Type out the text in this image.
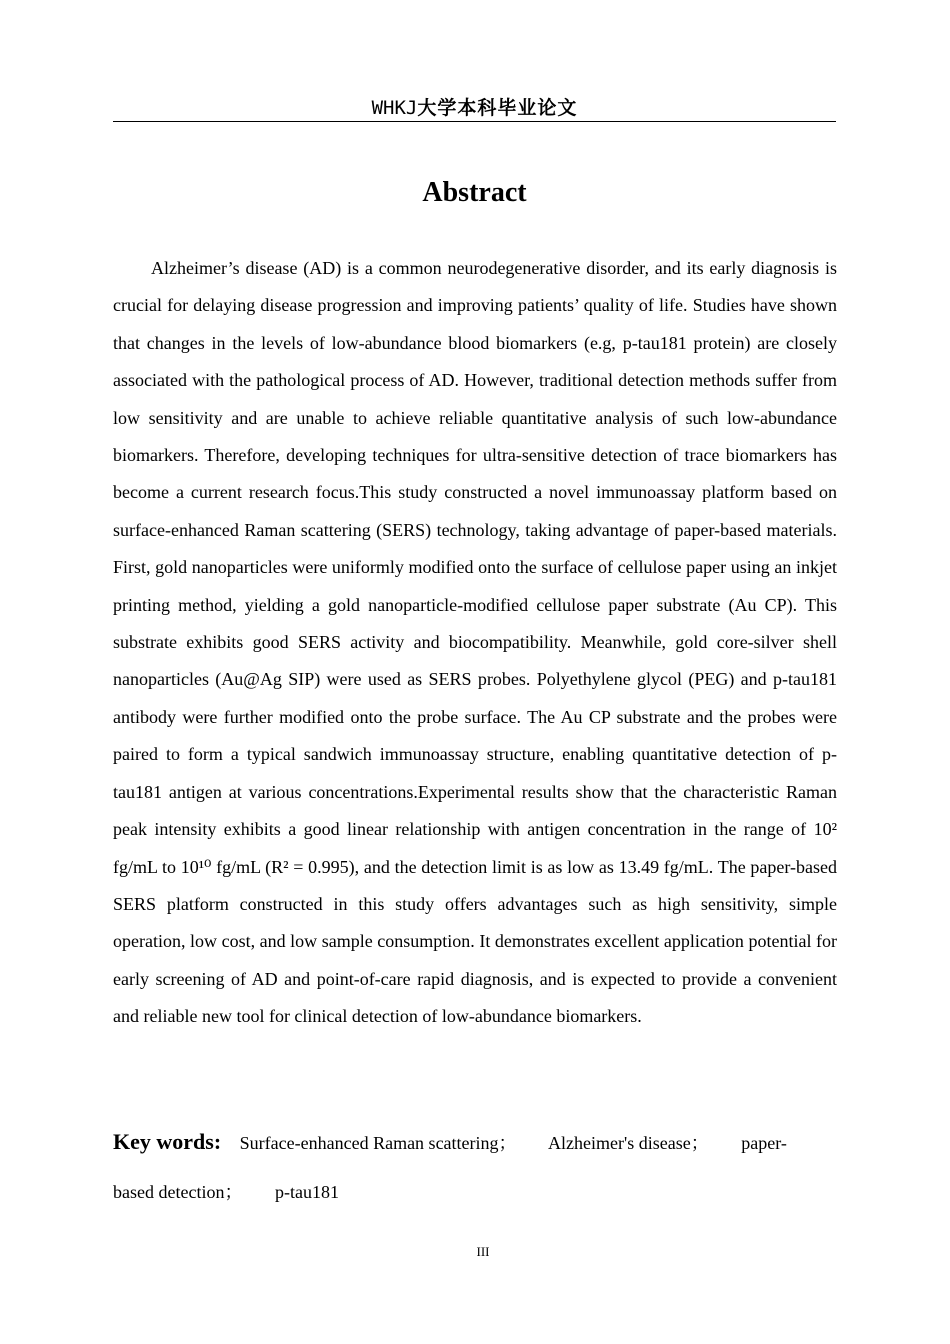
WHKJ大学本科毕业论文
Abstract

Alzheimer’s disease (AD) is a common neurodegenerative disorder, and its early diagnosis is crucial for delaying disease progression and improving patients’ quality of life. Studies have shown that changes in the levels of low-abundance blood biomarkers (e.g, p-tau181 protein) are closely associated with the pathological process of AD. However, traditional detection methods suffer from low sensitivity and are unable to achieve reliable quantitative analysis of such low-abundance biomarkers. Therefore, developing techniques for ultra-sensitive detection of trace biomarkers has become a current research focus.This study constructed a novel immunoassay platform based on surface-enhanced Raman scattering (SERS) technology, taking advantage of paper-based materials. First, gold nanoparticles were uniformly modified onto the surface of cellulose paper using an inkjet printing method, yielding a gold nanoparticle-modified cellulose paper substrate (Au CP). This substrate exhibits good SERS activity and biocompatibility. Meanwhile, gold core-silver shell nanoparticles (Au@Ag SIP) were used as SERS probes. Polyethylene glycol (PEG) and p-tau181 antibody were further modified onto the probe surface. The Au CP substrate and the probes were paired to form a typical sandwich immunoassay structure, enabling quantitative detection of p-tau181 antigen at various concentrations.Experimental results show that the characteristic Raman peak intensity exhibits a good linear relationship with antigen concentration in the range of 10² fg/mL to 10¹⁰ fg/mL (R² = 0.995), and the detection limit is as low as 13.49 fg/mL. The paper-based SERS platform constructed in this study offers advantages such as high sensitivity, simple operation, low cost, and low sample consumption. It demonstrates excellent application potential for early screening of AD and point-of-care rapid diagnosis, and is expected to provide a convenient and reliable new tool for clinical detection of low-abundance biomarkers.

Key words: Surface-enhanced Raman scattering； Alzheimer's disease； paper-based detection； p-tau181

III
